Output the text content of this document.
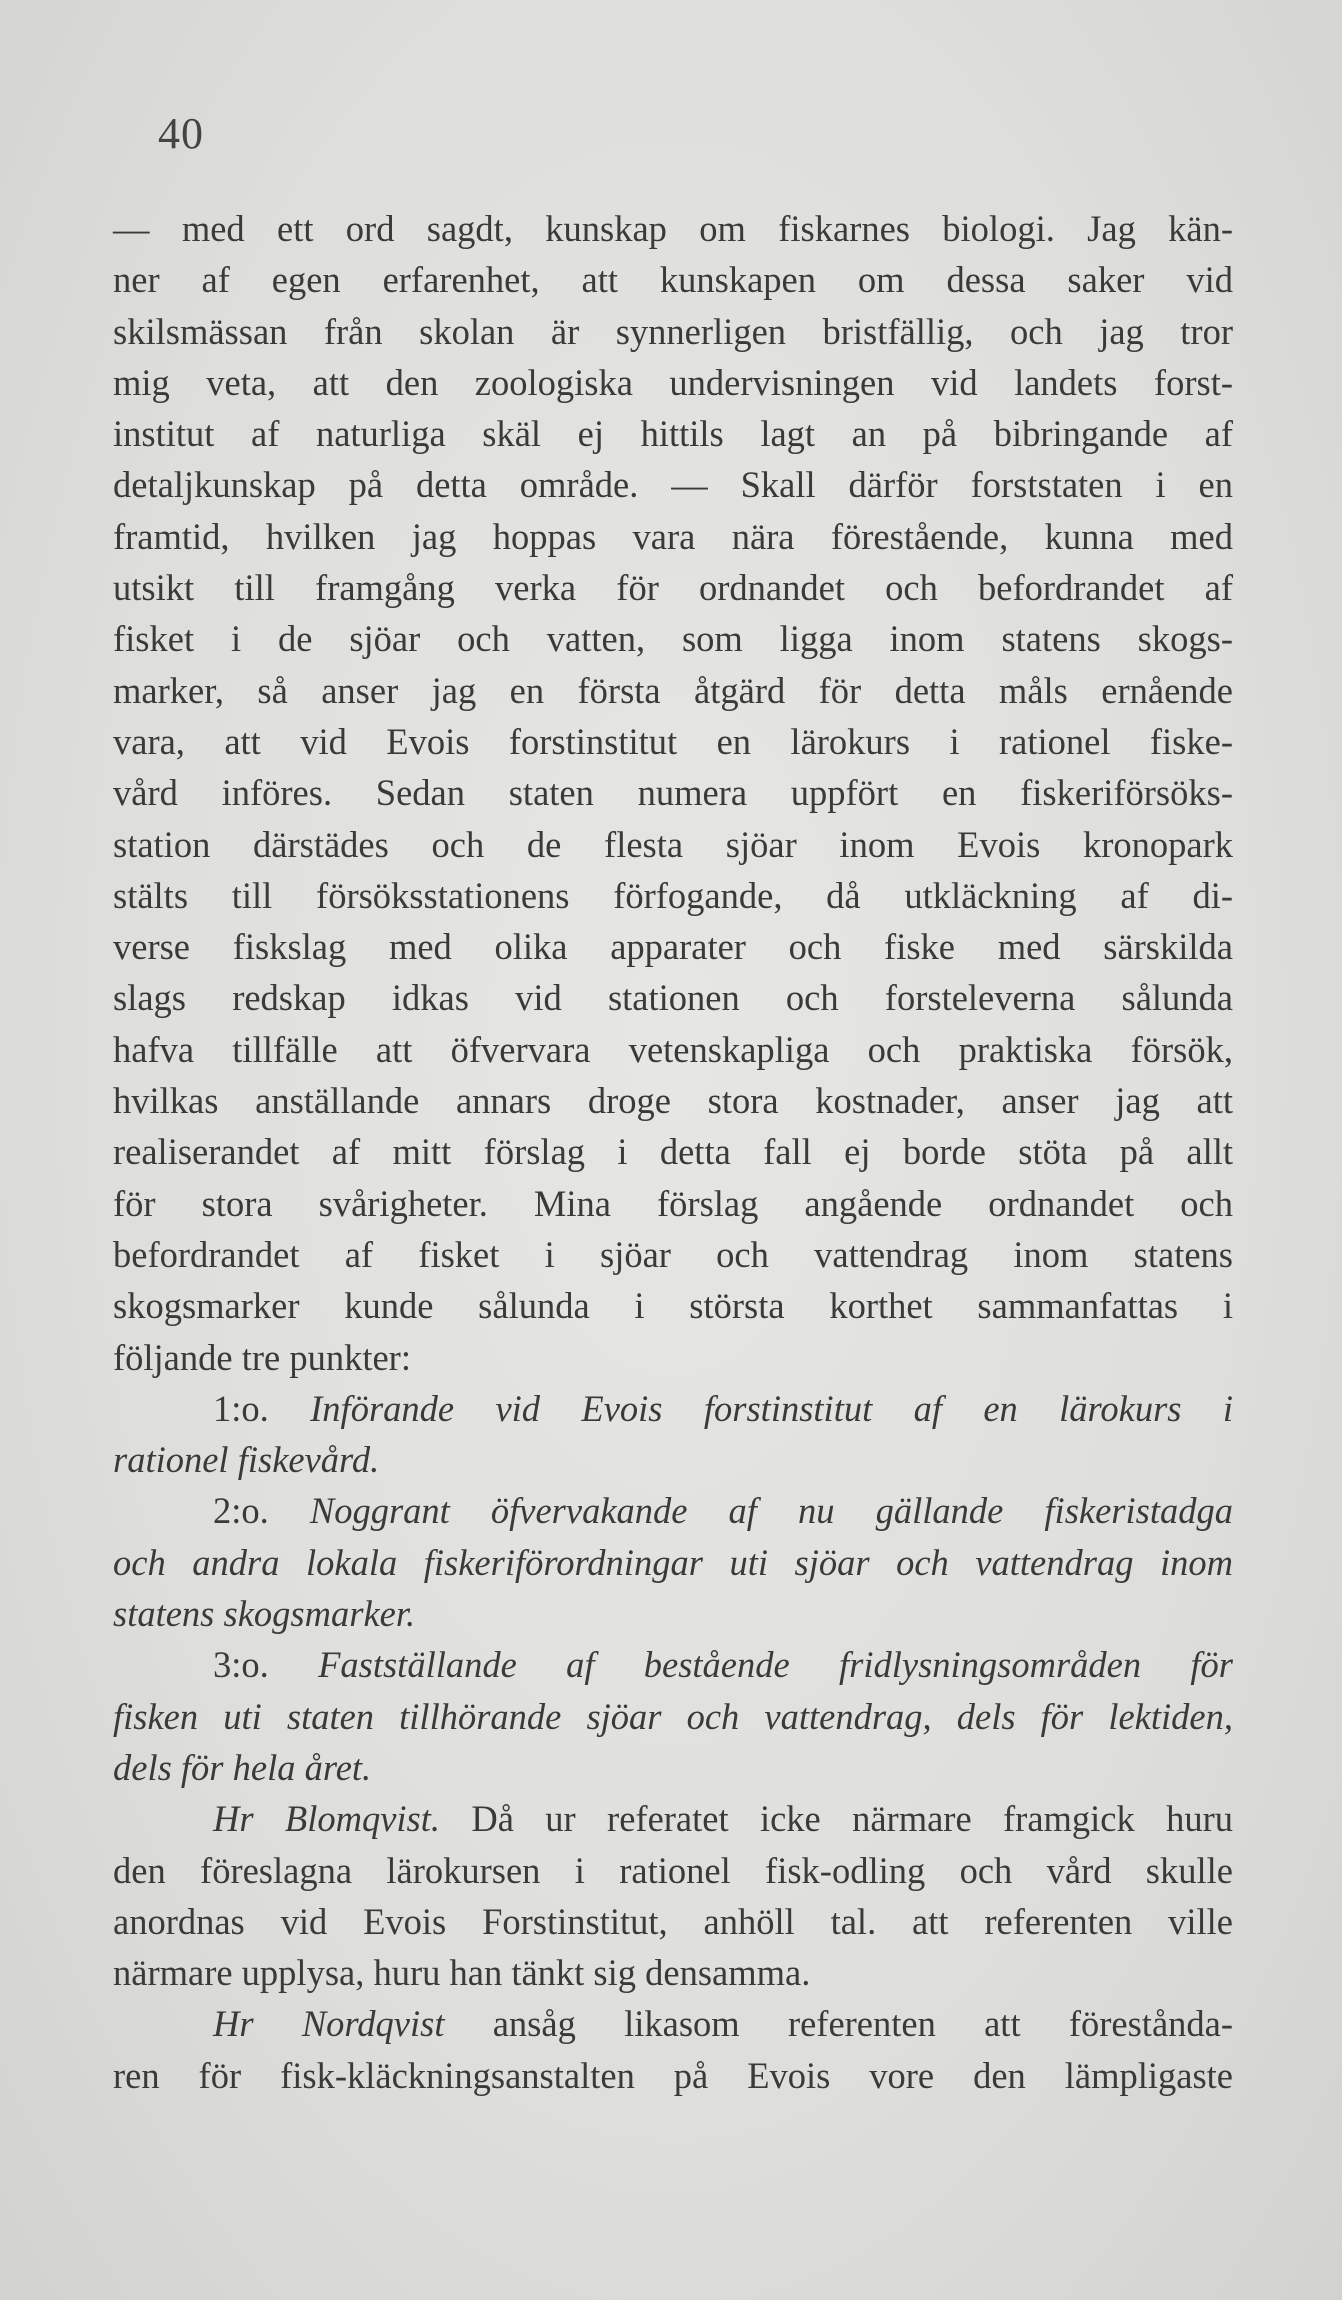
40
— med ett ord sagdt, kunskap om fiskarnes biologi. Jag kän-
ner af egen erfarenhet, att kunskapen om dessa saker vid
skilsmässan från skolan är synnerligen bristfällig, och jag tror
mig veta, att den zoologiska undervisningen vid landets forst-
institut af naturliga skäl ej hittils lagt an på bibringande af
detaljkunskap på detta område. — Skall därför forststaten i en
framtid, hvilken jag hoppas vara nära förestående, kunna med
utsikt till framgång verka för ordnandet och befordrandet af
fisket i de sjöar och vatten, som ligga inom statens skogs-
marker, så anser jag en första åtgärd för detta måls ernående
vara, att vid Evois forstinstitut en lärokurs i rationel fiske-
vård införes. Sedan staten numera uppfört en fiskeriförsöks-
station därstädes och de flesta sjöar inom Evois kronopark
stälts till försöksstationens förfogande, då utkläckning af di-
verse fiskslag med olika apparater och fiske med särskilda
slags redskap idkas vid stationen och forsteleverna sålunda
hafva tillfälle att öfvervara vetenskapliga och praktiska försök,
hvilkas anställande annars droge stora kostnader, anser jag att
realiserandet af mitt förslag i detta fall ej borde stöta på allt
för stora svårigheter. Mina förslag angående ordnandet och
befordrandet af fisket i sjöar och vattendrag inom statens
skogsmarker kunde sålunda i största korthet sammanfattas i
följande tre punkter:
1:o. Införande vid Evois forstinstitut af en lärokurs i
rationel fiskevård.
2:o. Noggrant öfvervakande af nu gällande fiskeristadga
och andra lokala fiskeriförordningar uti sjöar och vattendrag inom
statens skogsmarker.
3:o. Fastställande af bestående fridlysningsområden för
fisken uti staten tillhörande sjöar och vattendrag, dels för lektiden,
dels för hela året.
Hr Blomqvist. Då ur referatet icke närmare framgick huru
den föreslagna lärokursen i rationel fisk-odling och vård skulle
anordnas vid Evois Forstinstitut, anhöll tal. att referenten ville
närmare upplysa, huru han tänkt sig densamma.
Hr Nordqvist ansåg likasom referenten att förestånda-
ren för fisk-kläckningsanstalten på Evois vore den lämpligaste
